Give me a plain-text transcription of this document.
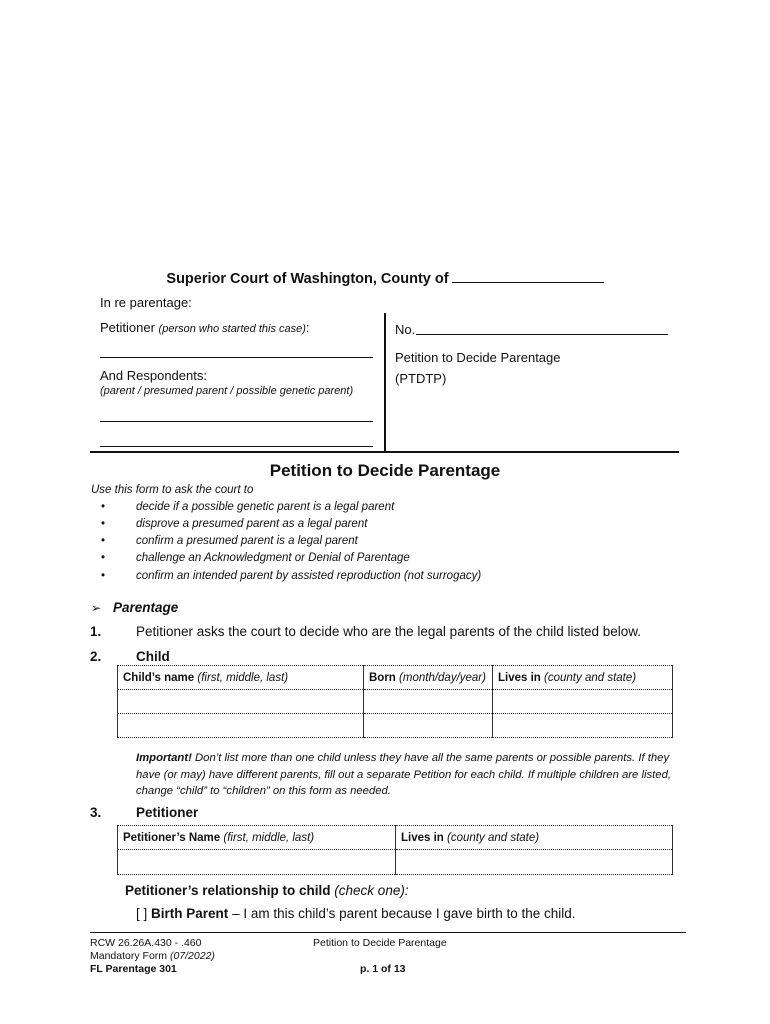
Superior Court of Washington, County of
In re parentage:
Petitioner (person who started this case):
And Respondents:
(parent / presumed parent / possible genetic parent)
No.
Petition to Decide Parentage
(PTDTP)
Petition to Decide Parentage
Use this form to ask the court to
•	decide if a possible genetic parent is a legal parent
•	disprove a presumed parent as a legal parent
•	confirm a presumed parent is a legal parent
•	challenge an Acknowledgment or Denial of Parentage
•	confirm an intended parent by assisted reproduction (not surrogacy)
➢ Parentage
1.	Petitioner asks the court to decide who are the legal parents of the child listed below.
2.	Child
Child’s name (first, middle, last)	Born (month/day/year)	Lives in (county and state)

Important! Don’t list more than one child unless they have all the same parents or possible parents. If they
have (or may) have different parents, fill out a separate Petition for each child. If multiple children are listed,
change “child” to “children” on this form as needed.
3.	Petitioner
Petitioner’s Name (first, middle, last)	Lives in (county and state)

Petitioner’s relationship to child (check one):
[ ] Birth Parent – I am this child’s parent because I gave birth to the child.
RCW 26.26A.430 - .460
Mandatory Form (07/2022)
FL Parentage 301
Petition to Decide Parentage
p. 1 of 13
